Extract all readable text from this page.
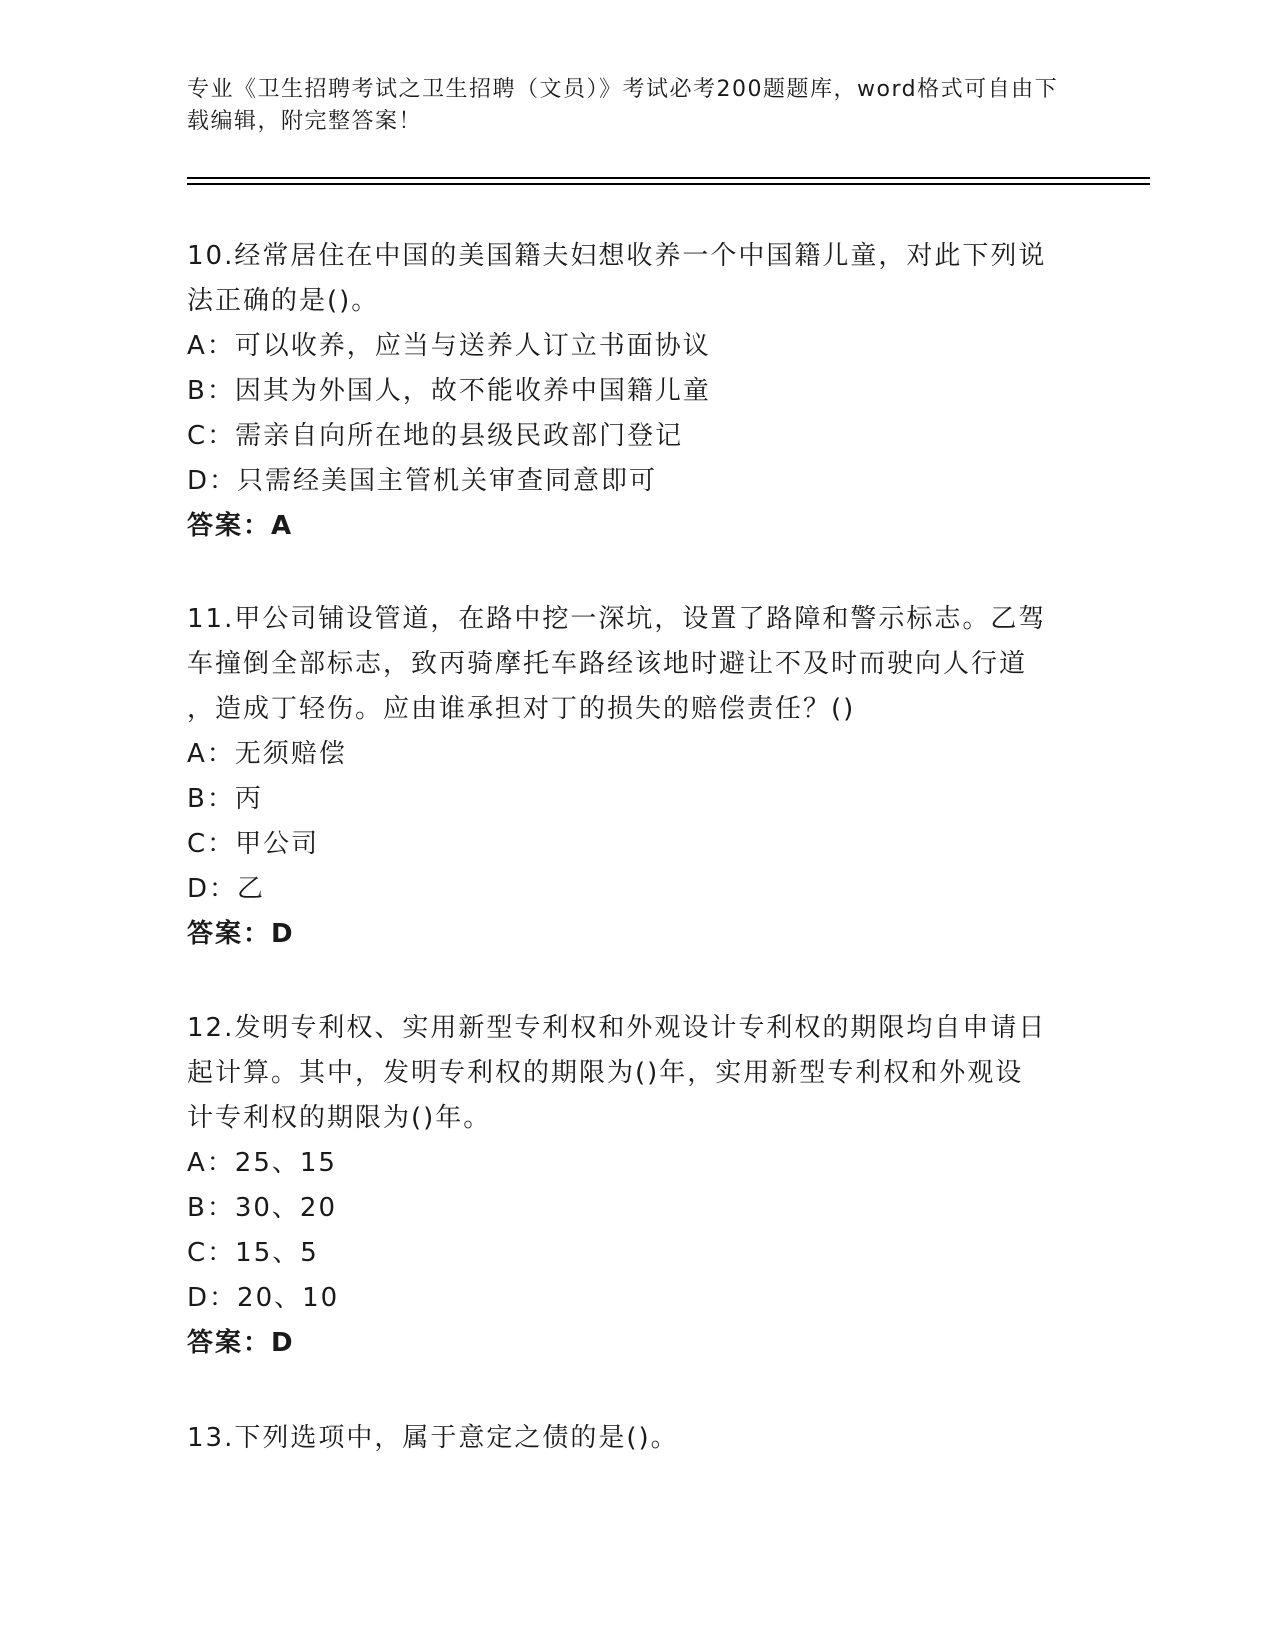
专业《卫生招聘考试之卫生招聘（文员）》考试必考200题题库，word格式可自由下载编辑，附完整答案！

10.经常居住在中国的美国籍夫妇想收养一个中国籍儿童，对此下列说

法正确的是()。

A：可以收养，应当与送养人订立书面协议

B：因其为外国人，故不能收养中国籍儿童

C：需亲自向所在地的县级民政部门登记

D：只需经美国主管机关审查同意即可

答案：A

11.甲公司铺设管道，在路中挖一深坑，设置了路障和警示标志。乙驾

车撞倒全部标志，致丙骑摩托车路经该地时避让不及时而驶向人行道

，造成丁轻伤。应由谁承担对丁的损失的赔偿责任？()

A：无须赔偿

B：丙

C：甲公司

D：乙

答案：D

12.发明专利权、实用新型专利权和外观设计专利权的期限均自申请日

起计算。其中，发明专利权的期限为()年，实用新型专利权和外观设

计专利权的期限为()年。

A：25、15

B：30、20

C：15、5

D：20、10

答案：D

13.下列选项中，属于意定之债的是()。
